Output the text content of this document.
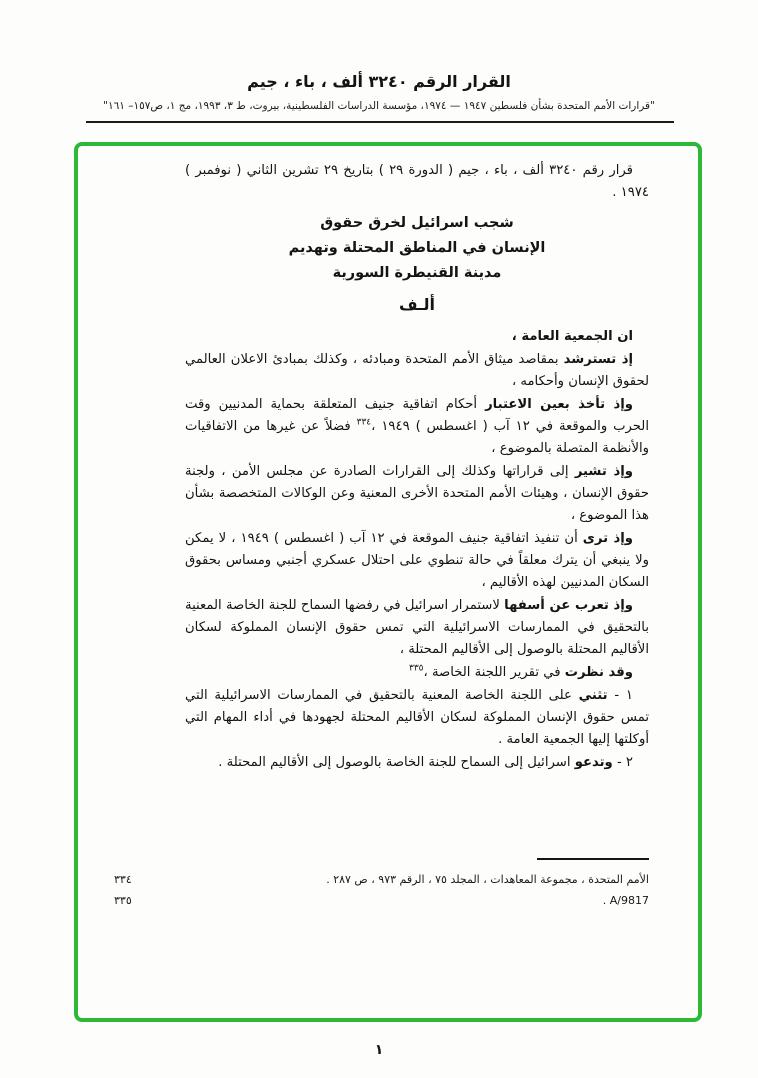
القرار الرقم ٣٢٤٠ ألف ، باء ، جيم
"قرارات الأمم المتحدة بشأن فلسطين ١٩٤٧ — ١٩٧٤، مؤسسة الدراسات الفلسطينية، بيروت، ط ٣، ١٩٩٣، مج ١، ص١٥٧– ١٦١"

قرار رقم ٣٢٤٠ ألف ، باء ، جيم ( الدورة ٢٩ ) بتاريخ ٢٩ تشرين الثاني ( نوفمبر ) ١٩٧٤ .

شجب اسرائيل لخرق حقوق
الإنسان في المناطق المحتلة وتهديم
مدينة القنيطرة السورية
ألـف

ان الجمعية العامة ،

إذ تسترشد بمقاصد ميثاق الأمم المتحدة ومبادئه ، وكذلك بمبادئ الاعلان العالمي لحقوق الإنسان وأحكامه ،

وإذ تأخذ بعين الاعتبار أحكام اتفاقية جنيف المتعلقة بحماية المدنيين وقت الحرب والموقعة في ١٢ آب ( اغسطس ) ١٩٤٩ ،$^{٣٣٤}$ فضلاً عن غيرها من الاتفاقيات والأنظمة المتصلة بالموضوع ،

وإذ تشير إلى قراراتها وكذلك إلى القرارات الصادرة عن مجلس الأمن ، ولجنة حقوق الإنسان ، وهيئات الأمم المتحدة الأخرى المعنية وعن الوكالات المتخصصة بشأن هذا الموضوع ،

وإذ ترى أن تنفيذ اتفاقية جنيف الموقعة في ١٢ آب ( اغسطس ) ١٩٤٩ ، لا يمكن ولا ينبغي أن يترك معلقاً في حالة تنطوي على احتلال عسكري أجنبي ومساس بحقوق السكان المدنيين لهذه الأقاليم ،

وإذ تعرب عن أسفها لاستمرار اسرائيل في رفضها السماح للجنة الخاصة المعنية بالتحقيق في الممارسات الاسرائيلية التي تمس حقوق الإنسان المملوكة لسكان الأقاليم المحتلة بالوصول إلى الأقاليم المحتلة ،

وقد نظرت في تقرير اللجنة الخاصة ،$^{٣٣٥}$

١ - تثني على اللجنة الخاصة المعنية بالتحقيق في الممارسات الاسرائيلية التي تمس حقوق الإنسان المملوكة لسكان الأقاليم المحتلة لجهودها في أداء المهام التي أوكلتها إليها الجمعية العامة .

٢ - وتدعو اسرائيل إلى السماح للجنة الخاصة بالوصول إلى الأقاليم المحتلة .

٣٣٤	الأمم المتحدة ، مجموعة المعاهدات ، المجلد ٧٥ ، الرقم ٩٧٣ ، ص ٢٨٧ .
٣٣٥	A/9817 .
١
